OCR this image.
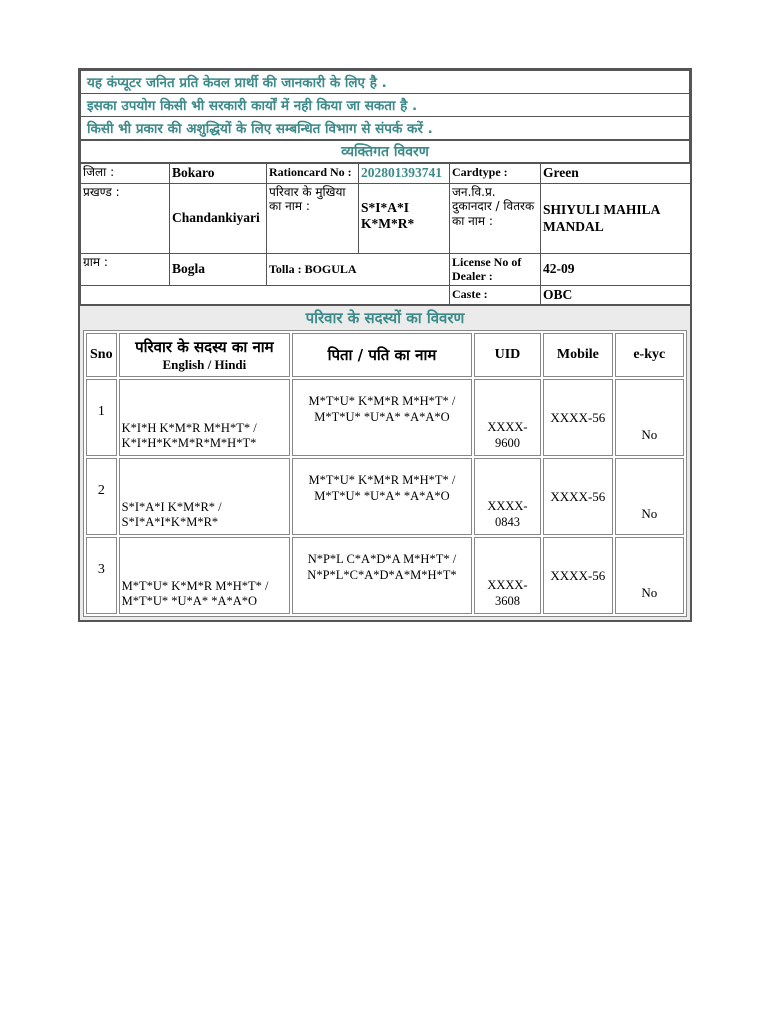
यह कंप्यूटर जनित प्रति केवल प्रार्थी की जानकारी के लिए है .
इसका उपयोग किसी भी सरकारी कार्यों में नही किया जा सकता है .
किसी भी प्रकार की अशुद्धियों के लिए सम्बन्धित विभाग से संपर्क करें .
व्यक्तिगत विवरण
जिला :	Bokaro	Rationcard No :	202801393741	Cardtype :	Green
प्रखण्ड :	Chandankiyari	परिवार के मुखिया का नाम :	S*I*A*I K*M*R*	जन.वि.प्र. दुकानदार / वितरक का नाम :	SHIYULI MAHILA MANDAL
ग्राम :	Bogla	Tolla : BOGULA		License No of Dealer :	42-09
				Caste :	OBC
परिवार के सदस्यों का विवरण
Sno	परिवार के सदस्य का नाम
English / Hindi	पिता / पति का नाम	UID	Mobile	e-kyc
1	K*I*H K*M*R M*H*T* /
K*I*H*K*M*R*M*H*T*	M*T*U* K*M*R M*H*T* /
M*T*U* *U*A* *A*A*O	XXXX-
9600	XXXX-56	No
2	S*I*A*I K*M*R* /
S*I*A*I*K*M*R*	M*T*U* K*M*R M*H*T* /
M*T*U* *U*A* *A*A*O	XXXX-
0843	XXXX-56	No
3	M*T*U* K*M*R M*H*T* /
M*T*U* *U*A* *A*A*O	N*P*L C*A*D*A M*H*T* /
N*P*L*C*A*D*A*M*H*T*	XXXX-
3608	XXXX-56	No
